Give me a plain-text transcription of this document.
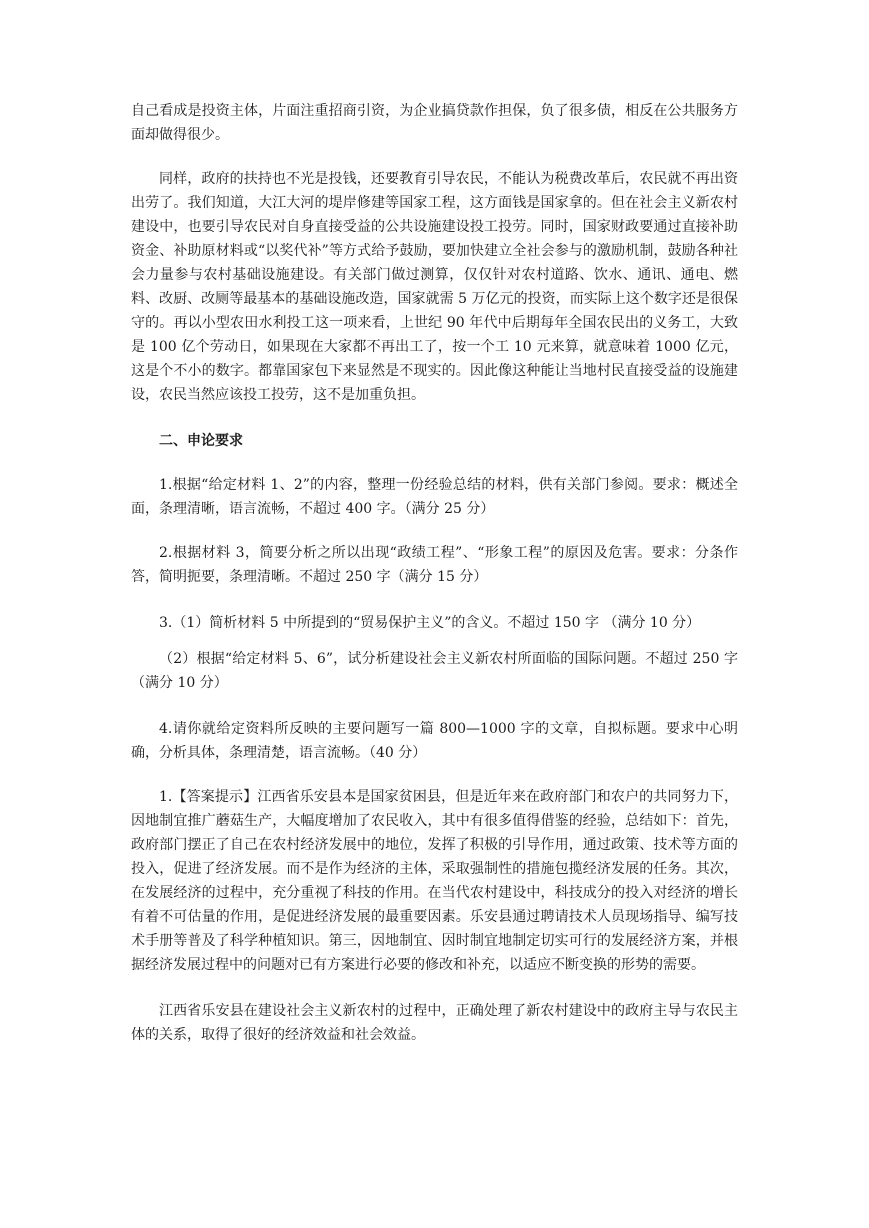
自己看成是投资主体，片面注重招商引资，为企业搞贷款作担保，负了很多债，相反在公共服务方面却做得很少。

同样，政府的扶持也不光是投钱，还要教育引导农民，不能认为税费改革后，农民就不再出资出劳了。我们知道，大江大河的堤岸修建等国家工程，这方面钱是国家拿的。但在社会主义新农村建设中，也要引导农民对自身直接受益的公共设施建设投工投劳。同时，国家财政要通过直接补助资金、补助原材料或“以奖代补”等方式给予鼓励，要加快建立全社会参与的激励机制，鼓励各种社会力量参与农村基础设施建设。有关部门做过测算，仅仅针对农村道路、饮水、通讯、通电、燃料、改厨、改厕等最基本的基础设施改造，国家就需 5 万亿元的投资，而实际上这个数字还是很保守的。再以小型农田水利投工这一项来看，上世纪 90 年代中后期每年全国农民出的义务工，大致是 100 亿个劳动日，如果现在大家都不再出工了，按一个工 10 元来算，就意味着 1000 亿元，这是个不小的数字。都靠国家包下来显然是不现实的。因此像这种能让当地村民直接受益的设施建设，农民当然应该投工投劳，这不是加重负担。

二、申论要求

1.根据“给定材料 1、2”的内容，整理一份经验总结的材料，供有关部门参阅。要求：概述全面，条理清晰，语言流畅，不超过 400 字。（满分 25 分）

2.根据材料 3，简要分析之所以出现“政绩工程”、“形象工程”的原因及危害。要求：分条作答，简明扼要，条理清晰。不超过 250 字（满分 15 分）

3.（1）简析材料 5 中所提到的“贸易保护主义”的含义。不超过 150 字 （满分 10 分）

（2）根据“给定材料 5、6”，试分析建设社会主义新农村所面临的国际问题。不超过 250 字（满分 10 分）

4.请你就给定资料所反映的主要问题写一篇 800—1000 字的文章，自拟标题。要求中心明确，分析具体，条理清楚，语言流畅。（40 分）

1.【答案提示】江西省乐安县本是国家贫困县，但是近年来在政府部门和农户的共同努力下，因地制宜推广蘑菇生产，大幅度增加了农民收入，其中有很多值得借鉴的经验，总结如下：首先，政府部门摆正了自己在农村经济发展中的地位，发挥了积极的引导作用，通过政策、技术等方面的投入，促进了经济发展。而不是作为经济的主体，采取强制性的措施包揽经济发展的任务。其次，在发展经济的过程中，充分重视了科技的作用。在当代农村建设中，科技成分的投入对经济的增长有着不可估量的作用，是促进经济发展的最重要因素。乐安县通过聘请技术人员现场指导、编写技术手册等普及了科学种植知识。第三，因地制宜、因时制宜地制定切实可行的发展经济方案，并根据经济发展过程中的问题对已有方案进行必要的修改和补充，以适应不断变换的形势的需要。

江西省乐安县在建设社会主义新农村的过程中，正确处理了新农村建设中的政府主导与农民主体的关系，取得了很好的经济效益和社会效益。
